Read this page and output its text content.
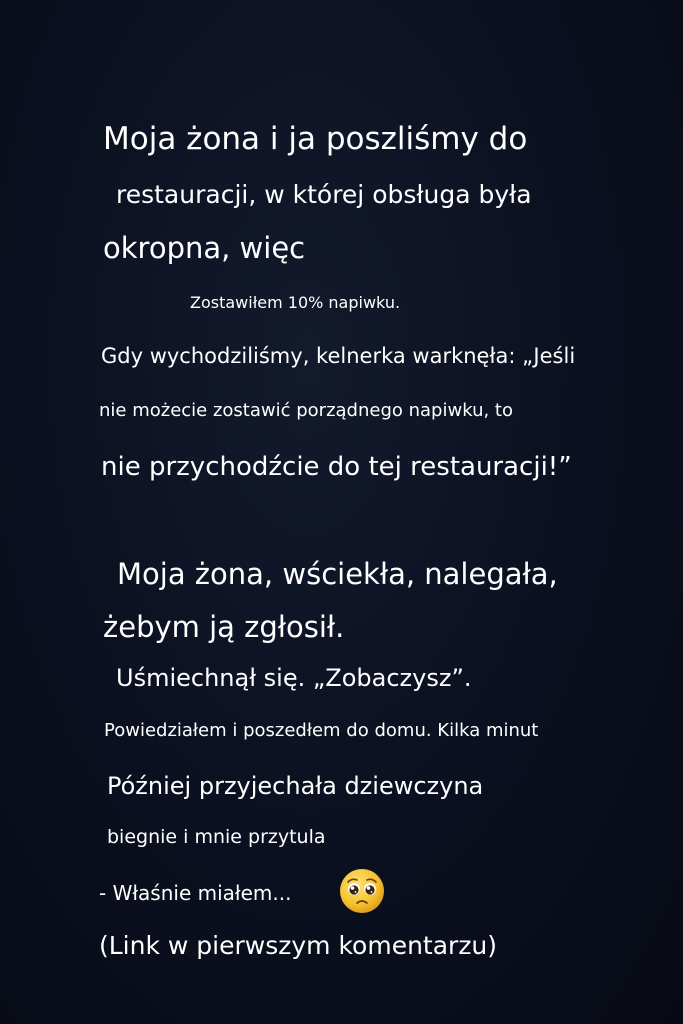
Moja żona i ja poszliśmy do
restauracji, w której obsługa była
okropna, więc
Zostawiłem 10% napiwku.
Gdy wychodziliśmy, kelnerka warknęła: „Jeśli
nie możecie zostawić porządnego napiwku, to
nie przychodźcie do tej restauracji!”
Moja żona, wściekła, nalegała,
żebym ją zgłosił.
Uśmiechnął się. „Zobaczysz”.
Powiedziałem i poszedłem do domu. Kilka minut
Później przyjechała dziewczyna
biegnie i mnie przytula
- Właśnie miałem...
(Link w pierwszym komentarzu)
